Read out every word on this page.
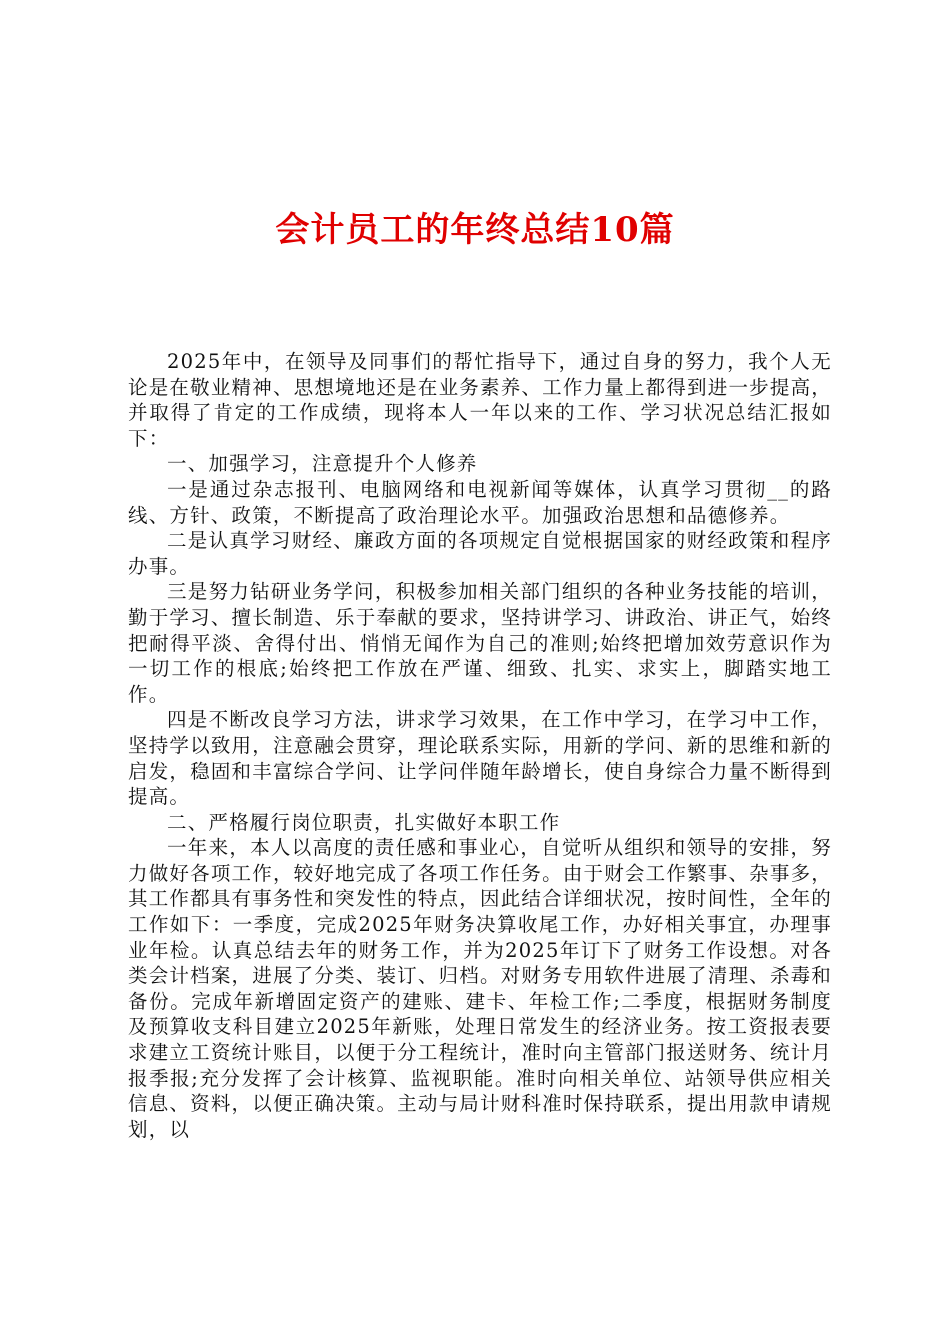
会计员工的年终总结10篇

2025年中，在领导及同事们的帮忙指导下，通过自身的努力，我个人无论是在敬业精神、思想境地还是在业务素养、工作力量上都得到进一步提高，并取得了肯定的工作成绩，现将本人一年以来的工作、学习状况总结汇报如下：

一、加强学习，注意提升个人修养

一是通过杂志报刊、电脑网络和电视新闻等媒体，认真学习贯彻__的路线、方针、政策，不断提高了政治理论水平。加强政治思想和品德修养。

二是认真学习财经、廉政方面的各项规定自觉根据国家的财经政策和程序办事。

三是努力钻研业务学问，积极参加相关部门组织的各种业务技能的培训，勤于学习、擅长制造、乐于奉献的要求，坚持讲学习、讲政治、讲正气，始终把耐得平淡、舍得付出、悄悄无闻作为自己的准则;始终把增加效劳意识作为一切工作的根底;始终把工作放在严谨、细致、扎实、求实上，脚踏实地工作。

四是不断改良学习方法，讲求学习效果，在工作中学习，在学习中工作，坚持学以致用，注意融会贯穿，理论联系实际，用新的学问、新的思维和新的启发，稳固和丰富综合学问、让学问伴随年龄增长，使自身综合力量不断得到提高。

二、严格履行岗位职责，扎实做好本职工作

一年来，本人以高度的责任感和事业心，自觉听从组织和领导的安排，努力做好各项工作，较好地完成了各项工作任务。由于财会工作繁事、杂事多，其工作都具有事务性和突发性的特点，因此结合详细状况，按时间性，全年的工作如下：一季度，完成2025年财务决算收尾工作，办好相关事宜，办理事业年检。认真总结去年的财务工作，并为2025年订下了财务工作设想。对各类会计档案，进展了分类、装订、归档。对财务专用软件进展了清理、杀毒和备份。完成年新增固定资产的建账、建卡、年检工作;二季度，根据财务制度及预算收支科目建立2025年新账，处理日常发生的经济业务。按工资报表要求建立工资统计账目，以便于分工程统计，准时向主管部门报送财务、统计月报季报;充分发挥了会计核算、监视职能。准时向相关单位、站领导供应相关信息、资料，以便正确决策。主动与局计财科准时保持联系，提出用款申请规划，以
